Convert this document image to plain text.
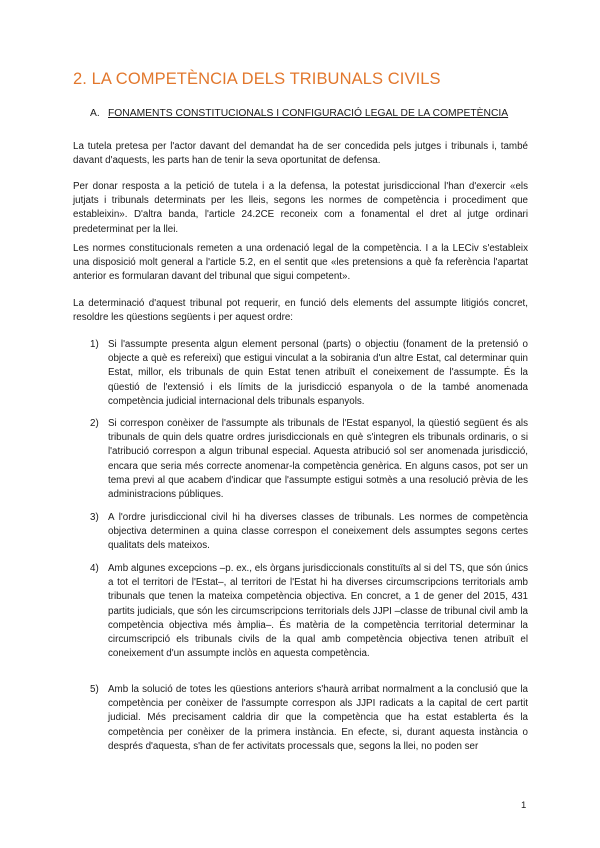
2. LA COMPETÈNCIA DELS TRIBUNALS CIVILS
A. FONAMENTS CONSTITUCIONALS I CONFIGURACIÓ LEGAL DE LA COMPETÈNCIA

La tutela pretesa per l'actor davant del demandat ha de ser concedida pels jutges i tribunals i, també davant d'aquests, les parts han de tenir la seva oportunitat de defensa.

Per donar resposta a la petició de tutela i a la defensa, la potestat jurisdiccional l'han d'exercir «els jutjats i tribunals determinats per les lleis, segons les normes de competència i procediment que estableixin». D'altra banda, l'article 24.2CE reconeix com a fonamental el dret al jutge ordinari predeterminat per la llei.

Les normes constitucionals remeten a una ordenació legal de la competència. I a la LECiv s'estableix una disposició molt general a l'article 5.2, en el sentit que «les pretensions a què fa referència l'apartat anterior es formularan davant del tribunal que sigui competent».

La determinació d'aquest tribunal pot requerir, en funció dels elements del assumpte litigiós concret, resoldre les qüestions següents i per aquest ordre:

1) Si l'assumpte presenta algun element personal (parts) o objectiu (fonament de la pretensió o objecte a què es refereixi) que estigui vinculat a la sobirania d'un altre Estat, cal determinar quin Estat, millor, els tribunals de quin Estat tenen atribuït el coneixement de l'assumpte. És la qüestió de l'extensió i els límits de la jurisdicció espanyola o de la també anomenada competència judicial internacional dels tribunals espanyols.
2) Si correspon conèixer de l'assumpte als tribunals de l'Estat espanyol, la qüestió següent és als tribunals de quin dels quatre ordres jurisdiccionals en què s'integren els tribunals ordinaris, o si l'atribució correspon a algun tribunal especial. Aquesta atribució sol ser anomenada jurisdicció, encara que seria més correcte anomenar-la competència genèrica. En alguns casos, pot ser un tema previ al que acabem d'indicar que l'assumpte estigui sotmès a una resolució prèvia de les administracions públiques.
3) A l'ordre jurisdiccional civil hi ha diverses classes de tribunals. Les normes de competència objectiva determinen a quina classe correspon el coneixement dels assumptes segons certes qualitats dels mateixos.
4) Amb algunes excepcions –p. ex., els òrgans jurisdiccionals constituïts al si del TS, que són únics a tot el territori de l'Estat–, al territori de l'Estat hi ha diverses circumscripcions territorials amb tribunals que tenen la mateixa competència objectiva. En concret, a 1 de gener del 2015, 431 partits judicials, que són les circumscripcions territorials dels JJPI –classe de tribunal civil amb la competència objectiva més àmplia–. És matèria de la competència territorial determinar la circumscripció els tribunals civils de la qual amb competència objectiva tenen atribuït el coneixement d'un assumpte inclòs en aquesta competència.
5) Amb la solució de totes les qüestions anteriors s'haurà arribat normalment a la conclusió que la competència per conèixer de l'assumpte correspon als JJPI radicats a la capital de cert partit judicial. Més precisament caldria dir que la competència que ha estat establerta és la competència per conèixer de la primera instància. En efecte, si, durant aquesta instància o després d'aquesta, s'han de fer activitats processals que, segons la llei, no poden ser
1
